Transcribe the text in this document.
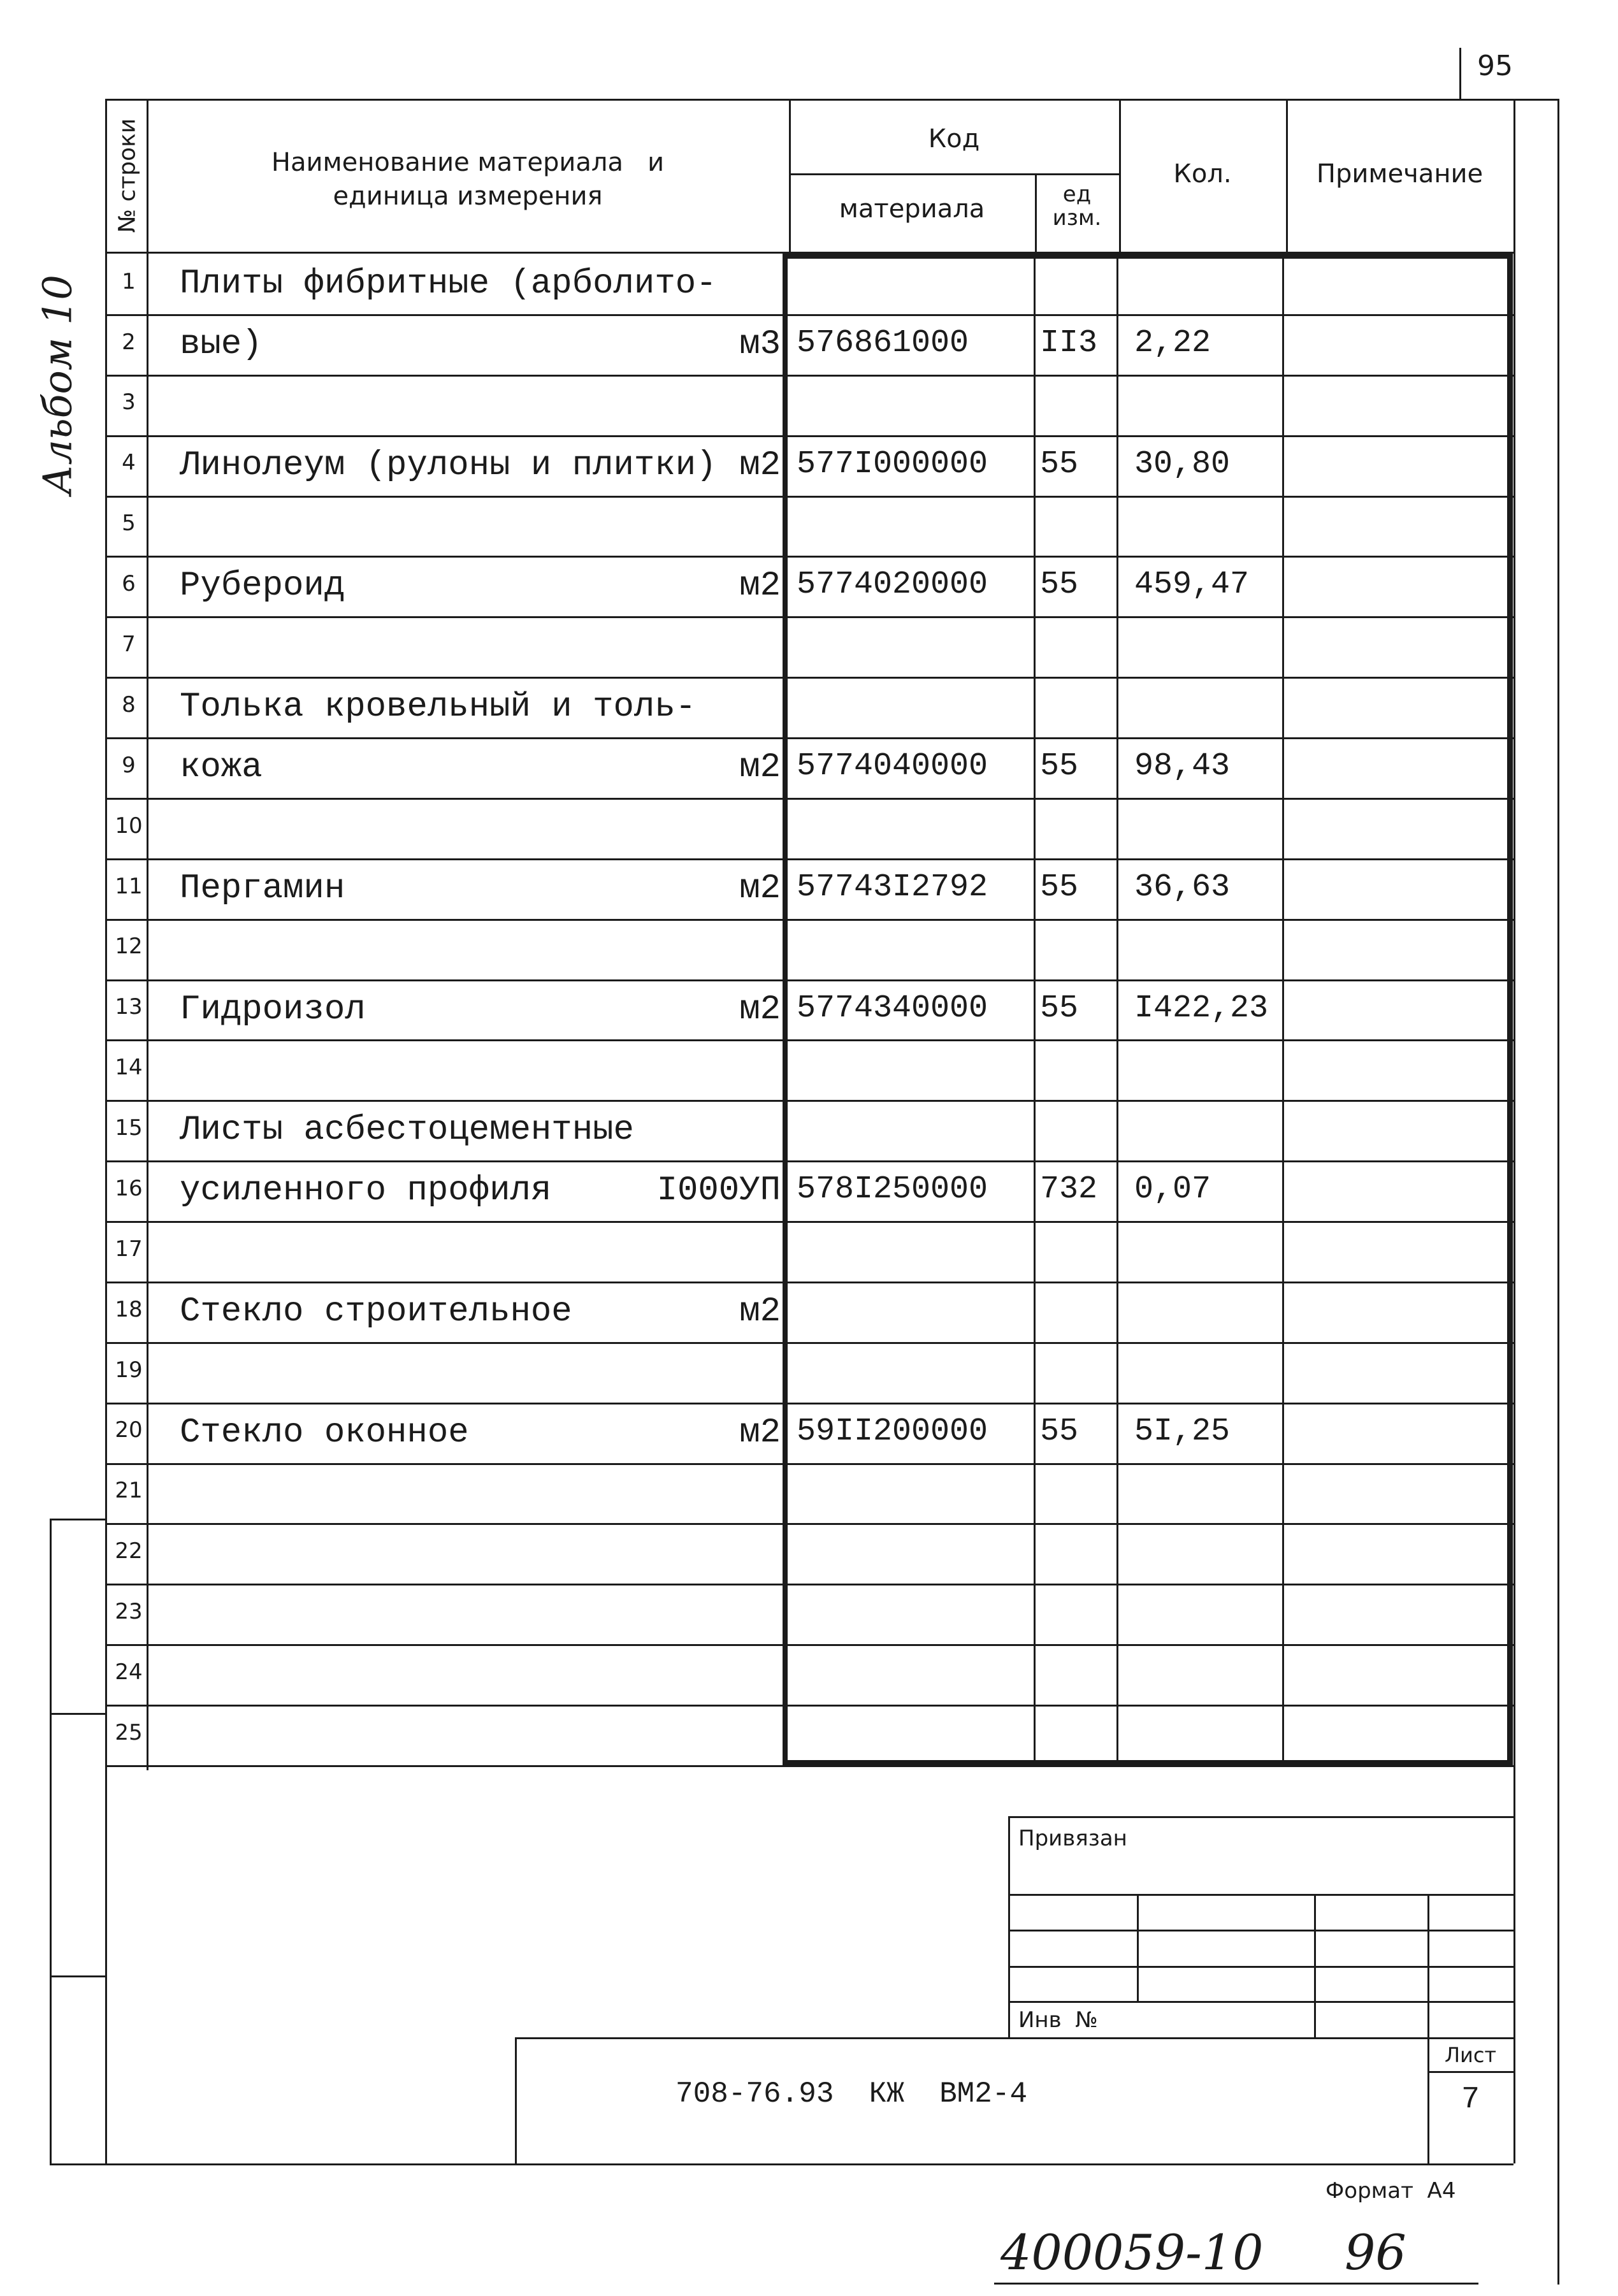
95
Альбом 10
№ строки	Наименование материала   и
единица измерения
Код
материала	ед
изм.
Кол.	Примечание
1 Плиты фибритные (арболито-
2 вые)	м3 576861000 II3 2,22
3
4 Линолеум (рулоны и плитки) м2 577I000000 55 30,80
5
6 Рубероид	м2 5774020000 55 459,47
7
8 Толька кровельный и толь-
9 кожа	м2 5774040000 55 98,43
10
11 Пергамин	м2 57743I2792 55 36,63
12
13 Гидроизол	м2 5774340000 55 I422,23
14
15 Листы асбестоцементные
16 усиленного профиля	I000УП 578I250000 732 0,07
17
18 Стекло строительное	м2
19
20 Стекло оконное	м2 59II200000 55 5I,25
21
22
23
24
25
Привязан
Инв  №
708-76.93  КЖ  ВМ2-4
Лист
7
Формат  А4
400059-10 96
